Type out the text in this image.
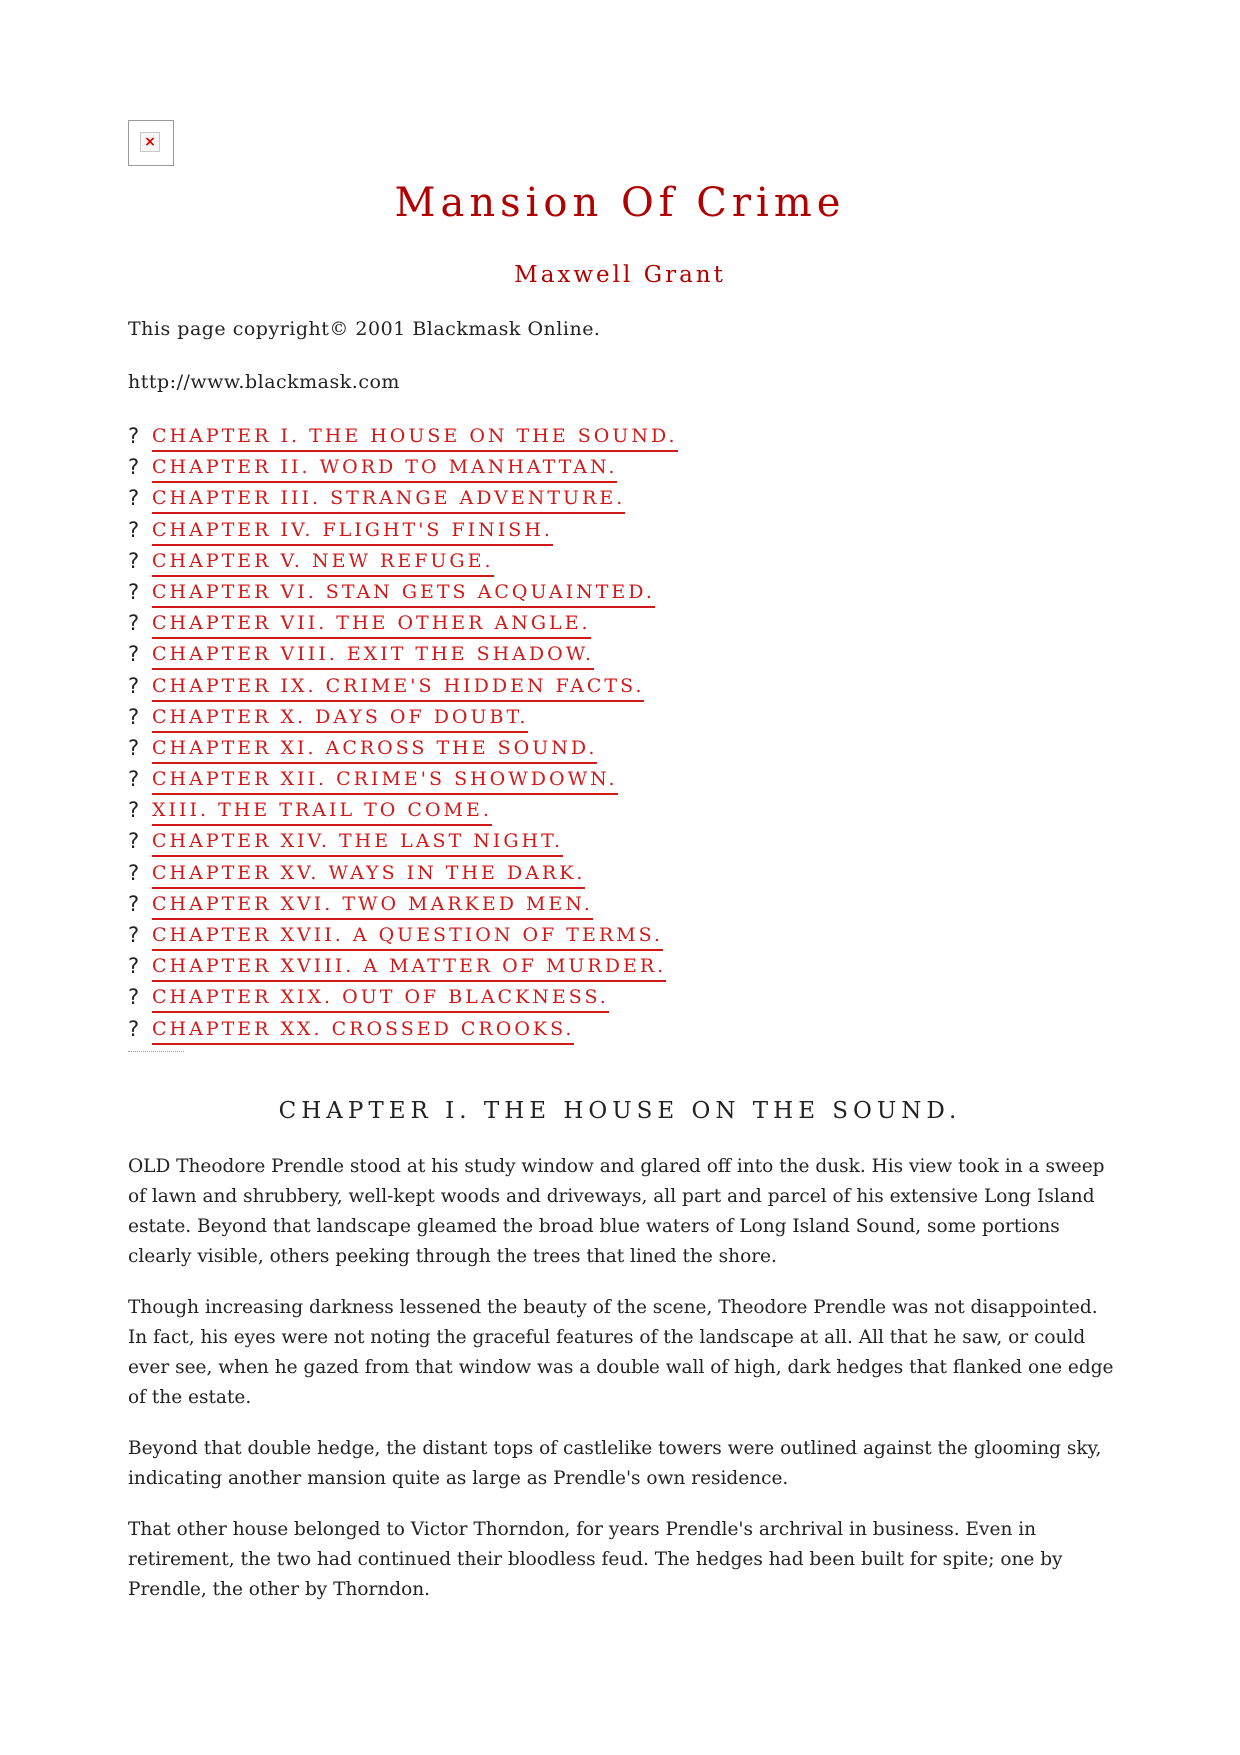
×
Mansion Of Crime
Maxwell Grant

This page copyright© 2001 Blackmask Online.

http://www.blackmask.com

? CHAPTER I. THE HOUSE ON THE SOUND.
? CHAPTER II. WORD TO MANHATTAN.
? CHAPTER III. STRANGE ADVENTURE.
? CHAPTER IV. FLIGHT'S FINISH.
? CHAPTER V. NEW REFUGE.
? CHAPTER VI. STAN GETS ACQUAINTED.
? CHAPTER VII. THE OTHER ANGLE.
? CHAPTER VIII. EXIT THE SHADOW.
? CHAPTER IX. CRIME'S HIDDEN FACTS.
? CHAPTER X. DAYS OF DOUBT.
? CHAPTER XI. ACROSS THE SOUND.
? CHAPTER XII. CRIME'S SHOWDOWN.
? XIII. THE TRAIL TO COME.
? CHAPTER XIV. THE LAST NIGHT.
? CHAPTER XV. WAYS IN THE DARK.
? CHAPTER XVI. TWO MARKED MEN.
? CHAPTER XVII. A QUESTION OF TERMS.
? CHAPTER XVIII. A MATTER OF MURDER.
? CHAPTER XIX. OUT OF BLACKNESS.
? CHAPTER XX. CROSSED CROOKS.
CHAPTER I. THE HOUSE ON THE SOUND.

OLD Theodore Prendle stood at his study window and glared off into the dusk. His view took in a sweep of lawn and shrubbery, well-kept woods and driveways, all part and parcel of his extensive Long Island estate. Beyond that landscape gleamed the broad blue waters of Long Island Sound, some portions clearly visible, others peeking through the trees that lined the shore.

Though increasing darkness lessened the beauty of the scene, Theodore Prendle was not disappointed. In fact, his eyes were not noting the graceful features of the landscape at all. All that he saw, or could ever see, when he gazed from that window was a double wall of high, dark hedges that flanked one edge of the estate.

Beyond that double hedge, the distant tops of castlelike towers were outlined against the glooming sky, indicating another mansion quite as large as Prendle's own residence.

That other house belonged to Victor Thorndon, for years Prendle's archrival in business. Even in retirement, the two had continued their bloodless feud. The hedges had been built for spite; one by Prendle, the other by Thorndon.
